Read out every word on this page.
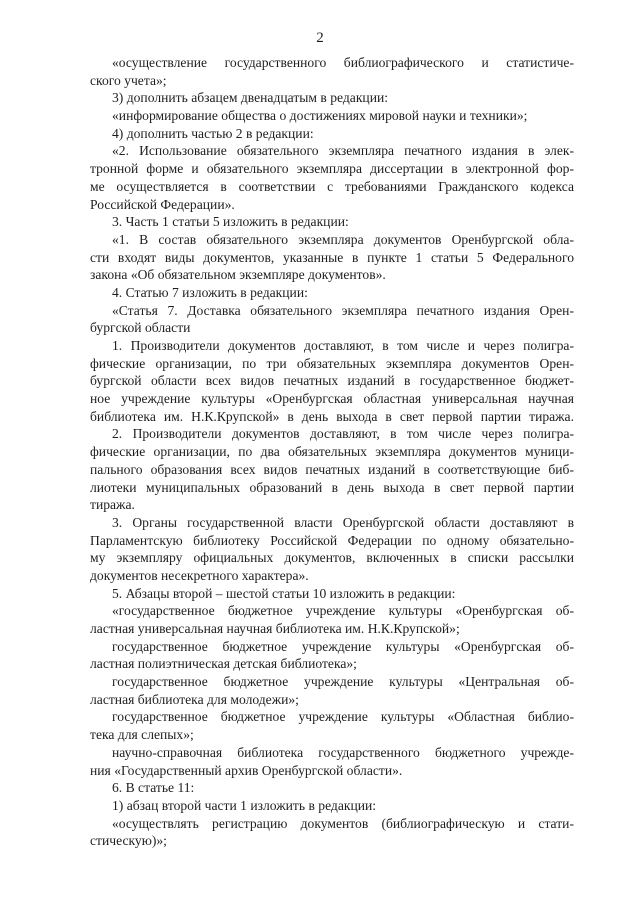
2
«осуществление государственного библиографического и статистиче-
ского учета»;
3) дополнить абзацем двенадцатым в редакции:
«информирование общества о достижениях мировой науки и техники»;
4) дополнить частью 2 в редакции:
«2. Использование обязательного экземпляра печатного издания в элек-
тронной форме и обязательного экземпляра диссертации в электронной фор-
ме осуществляется в соответствии с требованиями Гражданского кодекса
Российской Федерации».
3. Часть 1 статьи 5 изложить в редакции:
«1. В состав обязательного экземпляра документов Оренбургской обла-
сти входят виды документов, указанные в пункте 1 статьи 5 Федерального
закона «Об обязательном экземпляре документов».
4. Статью 7 изложить в редакции:
«Статья 7. Доставка обязательного экземпляра печатного издания Орен-
бургской области
1. Производители документов доставляют, в том числе и через полигра-
фические организации, по три обязательных экземпляра документов Орен-
бургской области всех видов печатных изданий в государственное бюджет-
ное учреждение культуры «Оренбургская областная универсальная научная
библиотека им. Н.К.Крупской» в день выхода в свет первой партии тиража.
2. Производители документов доставляют, в том числе через полигра-
фические организации, по два обязательных экземпляра документов муници-
пального образования всех видов печатных изданий в соответствующие биб-
лиотеки муниципальных образований в день выхода в свет первой партии
тиража.
3. Органы государственной власти Оренбургской области доставляют в
Парламентскую библиотеку Российской Федерации по одному обязательно-
му экземпляру официальных документов, включенных в списки рассылки
документов несекретного характера».
5. Абзацы второй – шестой статьи 10 изложить в редакции:
«государственное бюджетное учреждение культуры «Оренбургская об-
ластная универсальная научная библиотека им. Н.К.Крупской»;
государственное бюджетное учреждение культуры «Оренбургская об-
ластная полиэтническая детская библиотека»;
государственное бюджетное учреждение культуры «Центральная об-
ластная библиотека для молодежи»;
государственное бюджетное учреждение культуры «Областная библио-
тека для слепых»;
научно-справочная библиотека государственного бюджетного учрежде-
ния «Государственный архив Оренбургской области».
6. В статье 11:
1) абзац второй части 1 изложить в редакции:
«осуществлять регистрацию документов (библиографическую и стати-
стическую)»;
